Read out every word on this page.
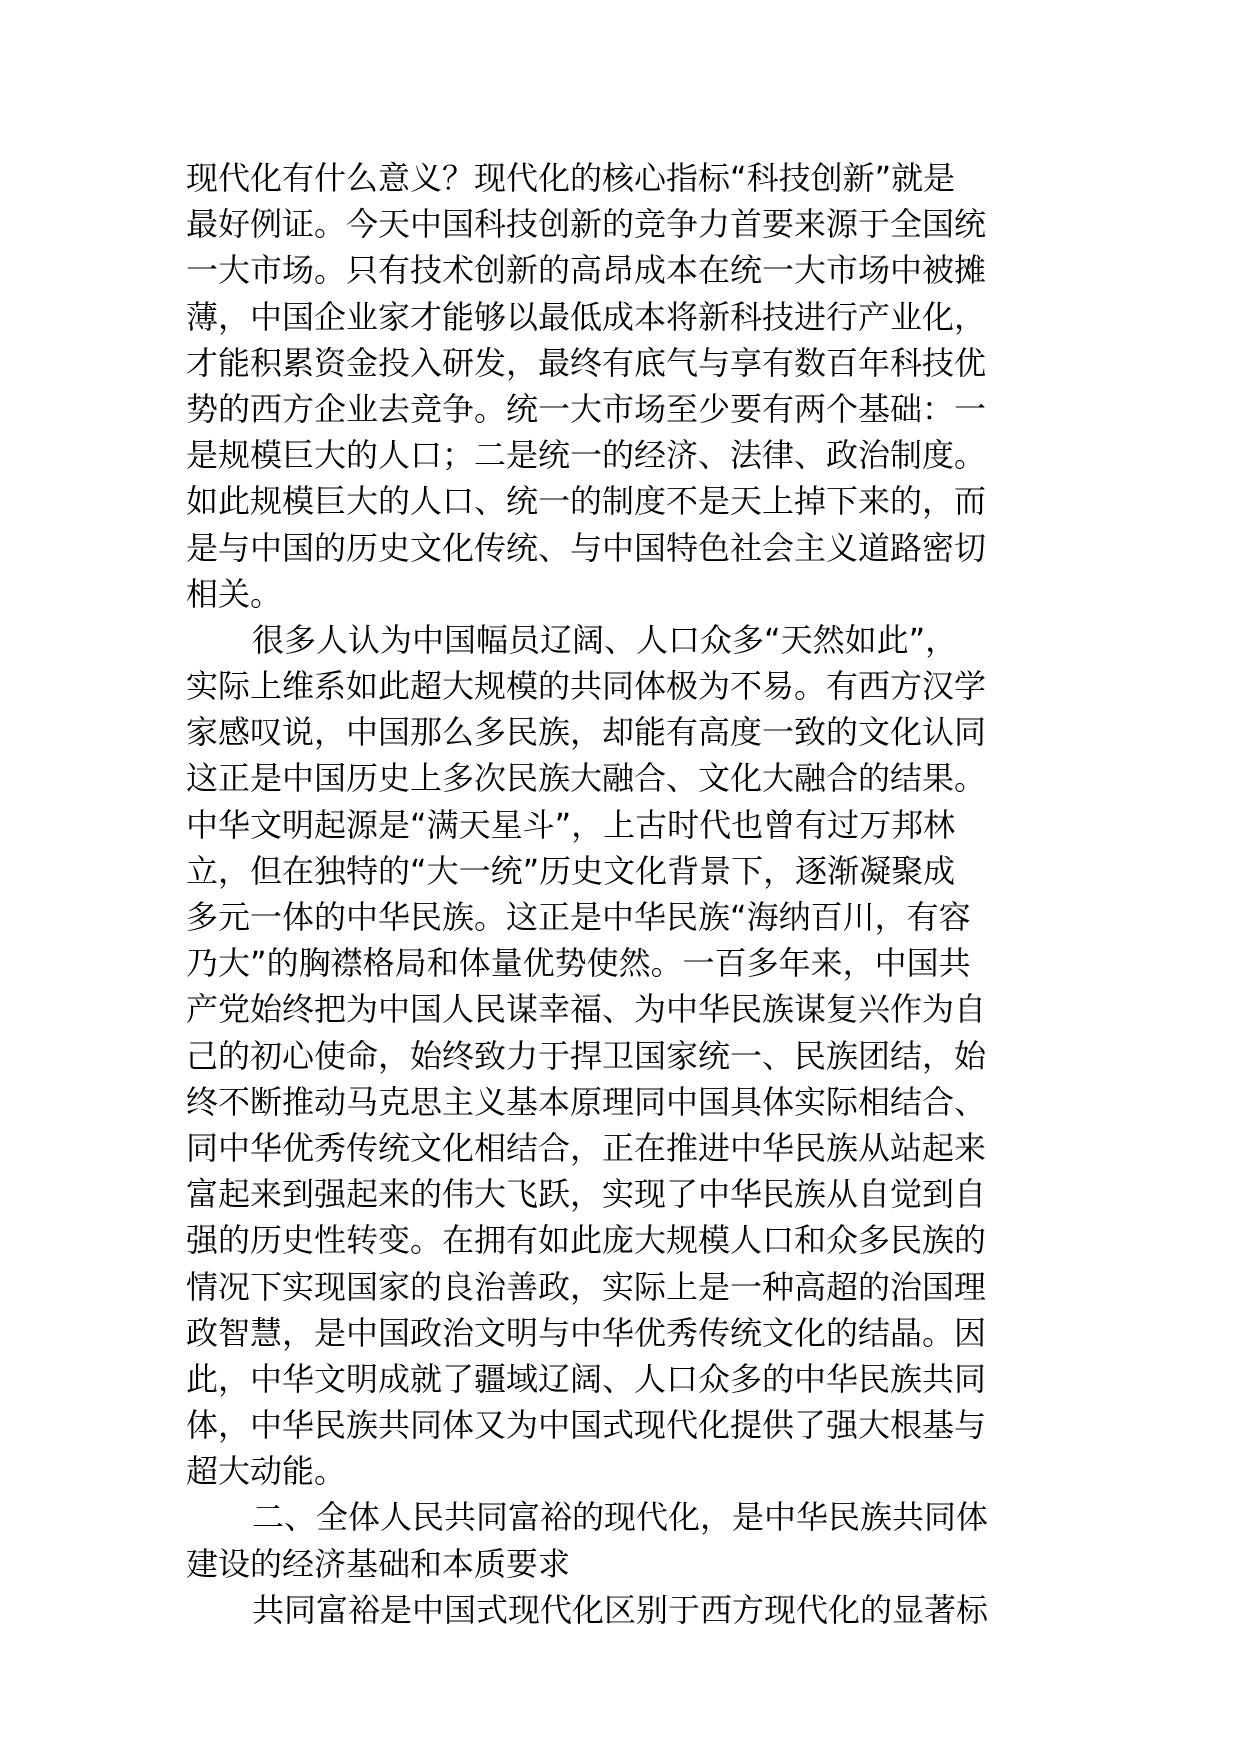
现代化有什么意义？现代化的核心指标“科技创新”就是
最好例证。今天中国科技创新的竞争力首要来源于全国统
一大市场。只有技术创新的高昂成本在统一大市场中被摊
薄，中国企业家才能够以最低成本将新科技进行产业化，
才能积累资金投入研发，最终有底气与享有数百年科技优
势的西方企业去竞争。统一大市场至少要有两个基础：一
是规模巨大的人口；二是统一的经济、法律、政治制度。
如此规模巨大的人口、统一的制度不是天上掉下来的，而
是与中国的历史文化传统、与中国特色社会主义道路密切
相关。
很多人认为中国幅员辽阔、人口众多“天然如此”，
实际上维系如此超大规模的共同体极为不易。有西方汉学
家感叹说，中国那么多民族，却能有高度一致的文化认同
这正是中国历史上多次民族大融合、文化大融合的结果。
中华文明起源是“满天星斗”，上古时代也曾有过万邦林
立，但在独特的“大一统”历史文化背景下，逐渐凝聚成
多元一体的中华民族。这正是中华民族“海纳百川，有容
乃大”的胸襟格局和体量优势使然。一百多年来，中国共
产党始终把为中国人民谋幸福、为中华民族谋复兴作为自
己的初心使命，始终致力于捍卫国家统一、民族团结，始
终不断推动马克思主义基本原理同中国具体实际相结合、
同中华优秀传统文化相结合，正在推进中华民族从站起来
富起来到强起来的伟大飞跃，实现了中华民族从自觉到自
强的历史性转变。在拥有如此庞大规模人口和众多民族的
情况下实现国家的良治善政，实际上是一种高超的治国理
政智慧，是中国政治文明与中华优秀传统文化的结晶。因
此，中华文明成就了疆域辽阔、人口众多的中华民族共同
体，中华民族共同体又为中国式现代化提供了强大根基与
超大动能。
二、全体人民共同富裕的现代化，是中华民族共同体
建设的经济基础和本质要求
共同富裕是中国式现代化区别于西方现代化的显著标
